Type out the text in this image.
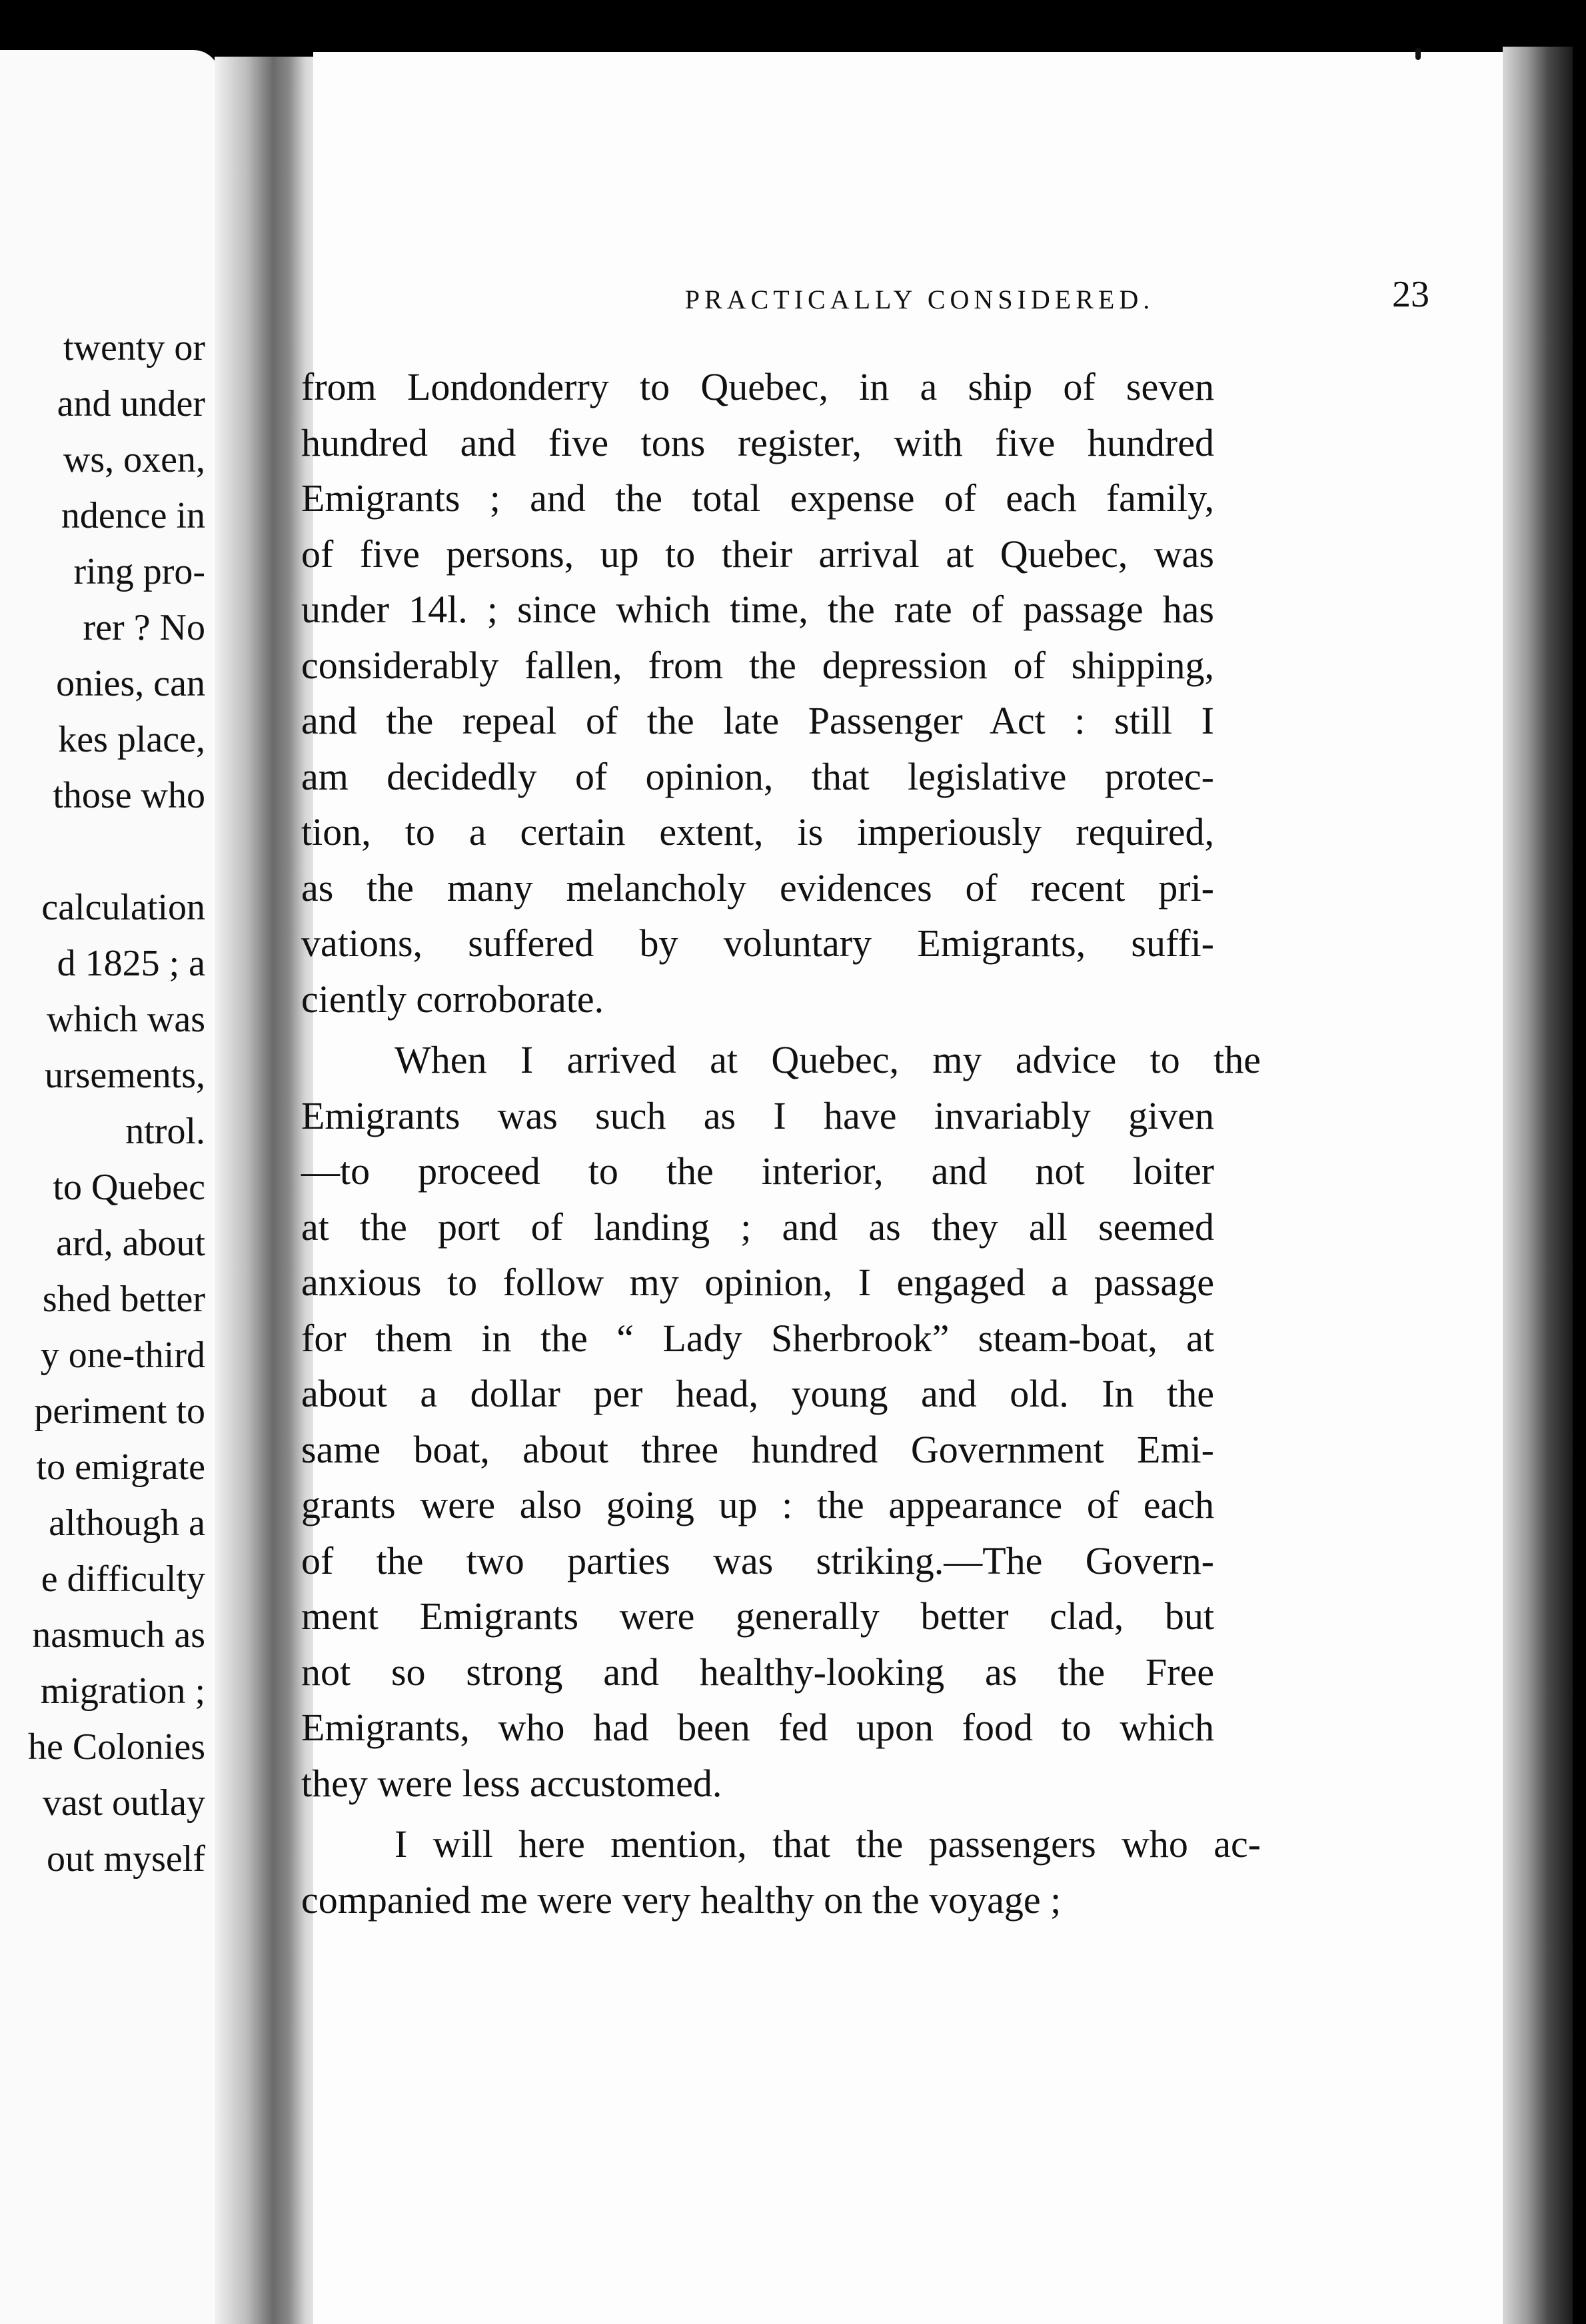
twenty or
and under
ws, oxen,
ndence in
ring pro-
rer ? No
onies, can
kes place,
those who
calculation
d 1825 ; a
which was
ursements,
ntrol.
to Quebec
ard, about
shed better
y one-third
periment to
to emigrate
although a
e difficulty
nasmuch as
migration ;
he Colonies
vast outlay
out myself
PRACTICALLY CONSIDERED.	23
from Londonderry to Quebec, in a ship of seven
hundred and five tons register, with five hundred
Emigrants ; and the total expense of each family,
of five persons, up to their arrival at Quebec, was
under 14l. ; since which time, the rate of passage has
considerably fallen, from the depression of shipping,
and the repeal of the late Passenger Act : still I
am decidedly of opinion, that legislative protec-
tion, to a certain extent, is imperiously required,
as the many melancholy evidences of recent pri-
vations, suffered by voluntary Emigrants, suffi-
ciently corroborate.
When I arrived at Quebec, my advice to the
Emigrants was such as I have invariably given
—to proceed to the interior, and not loiter
at the port of landing ; and as they all seemed
anxious to follow my opinion, I engaged a passage
for them in the “ Lady Sherbrook” steam-boat, at
about a dollar per head, young and old. In the
same boat, about three hundred Government Emi-
grants were also going up : the appearance of each
of the two parties was striking.—The Govern-
ment Emigrants were generally better clad, but
not so strong and healthy-looking as the Free
Emigrants, who had been fed upon food to which
they were less accustomed.
I will here mention, that the passengers who ac-
companied me were very healthy on the voyage ;
